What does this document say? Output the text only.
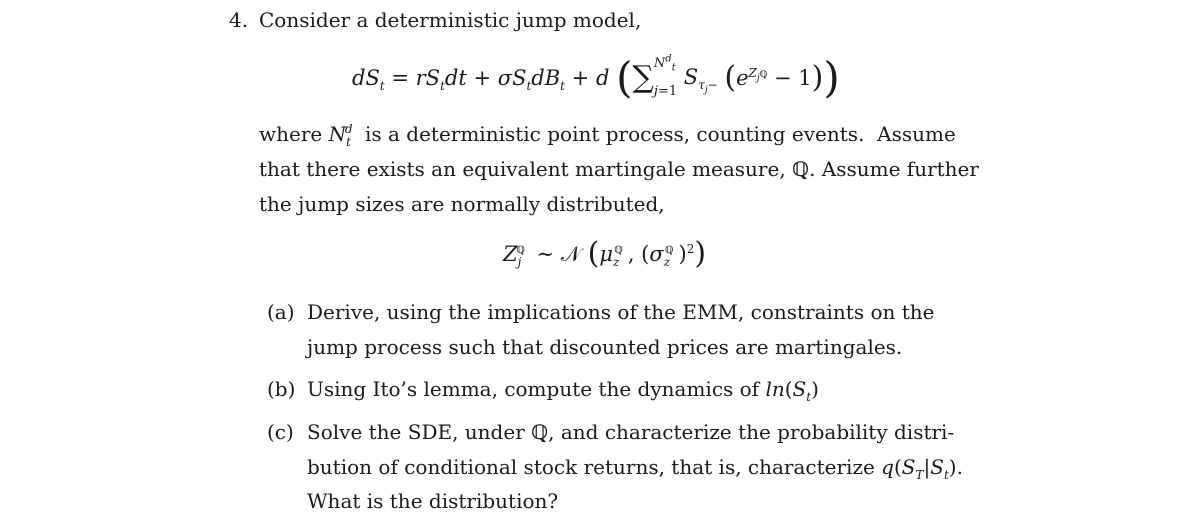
4. Consider a deterministic jump model,
$dS_t = rS_tdt + \sigma S_tdB_t + d$ ( ∑ $N^d_t$

j=1
$S_{\tau_j-}$ ( $e^{Z_jℚ} - 1$ ) )
where $N_t^d$ is a deterministic point process, counting events.  Assume
that there exists an equivalent martingale measure, ℚ. Assume further
the jump sizes are normally distributed,
$Z_j^ℚ$ ∼ 𝒩 ( $\mu_z^ℚ$ , ($\sigma_z^ℚ$ )$^2$ )
(a) Derive, using the implications of the EMM, constraints on the
jump process such that discounted prices are martingales.
(b) Using Ito’s lemma, compute the dynamics of $\ln(S_t)$
(c) Solve the SDE, under ℚ, and characterize the probability distri-
bution of conditional stock returns, that is, characterize $q(S_T|S_t)$.
What is the distribution?
